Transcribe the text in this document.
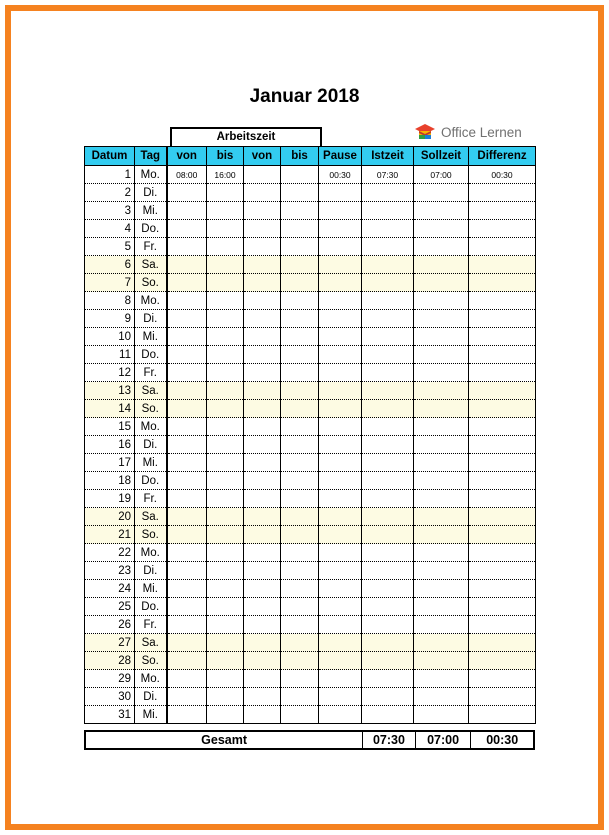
Januar 2018
Office Lernen
Arbeitszeit
Datum	Tag	von	bis	von	bis	Pause	Istzeit	Sollzeit	Differenz
1	Mo.	08:00	16:00			00:30	07:30	07:00	00:30
2	Di.								
3	Mi.								
4	Do.								
5	Fr.								
6	Sa.								
7	So.								
8	Mo.								
9	Di.								
10	Mi.								
11	Do.								
12	Fr.								
13	Sa.								
14	So.								
15	Mo.								
16	Di.								
17	Mi.								
18	Do.								
19	Fr.								
20	Sa.								
21	So.								
22	Mo.								
23	Di.								
24	Mi.								
25	Do.								
26	Fr.								
27	Sa.								
28	So.								
29	Mo.								
30	Di.								
31	Mi.								
Gesamt	07:30	07:00	00:30
